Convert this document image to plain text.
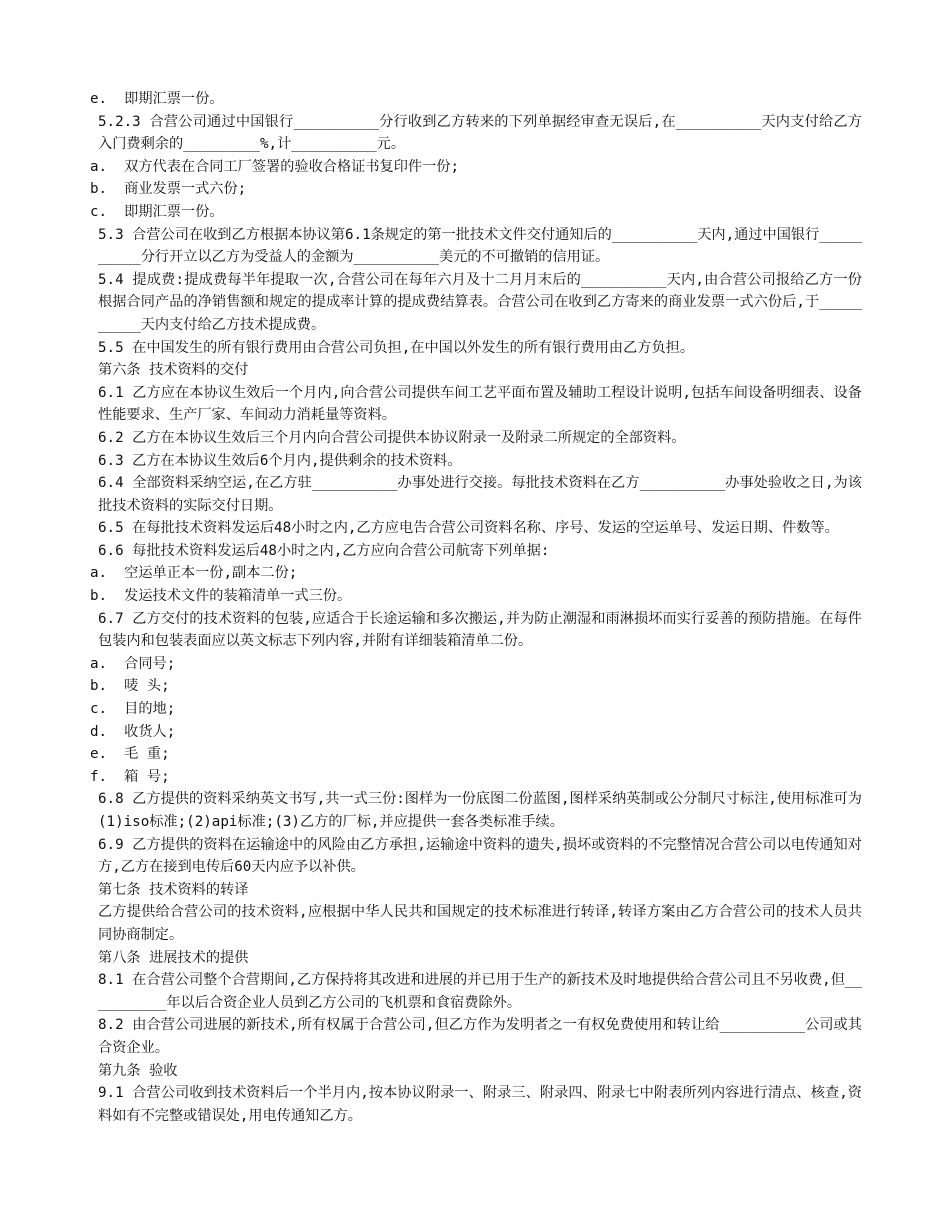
e.  即期汇票一份。

5.2.3 合营公司通过中国银行__________分行收到乙方转来的下列单据经审查无误后,在__________天内支付给乙方入门费剩余的_________%,计__________元。

a.  双方代表在合同工厂签署的验收合格证书复印件一份;

b.  商业发票一式六份;

c.  即期汇票一份。

5.3 合营公司在收到乙方根据本协议第6.1条规定的第一批技术文件交付通知后的__________天内,通过中国银行__________分行开立以乙方为受益人的金额为__________美元的不可撤销的信用证。

5.4 提成费:提成费每半年提取一次,合营公司在每年六月及十二月月末后的__________天内,由合营公司报给乙方一份根据合同产品的净销售额和规定的提成率计算的提成费结算表。合营公司在收到乙方寄来的商业发票一式六份后,于__________天内支付给乙方技术提成费。

5.5 在中国发生的所有银行费用由合营公司负担,在中国以外发生的所有银行费用由乙方负担。

第六条 技术资料的交付

6.1 乙方应在本协议生效后一个月内,向合营公司提供车间工艺平面布置及辅助工程设计说明,包括车间设备明细表、设备性能要求、生产厂家、车间动力消耗量等资料。

6.2 乙方在本协议生效后三个月内向合营公司提供本协议附录一及附录二所规定的全部资料。

6.3 乙方在本协议生效后6个月内,提供剩余的技术资料。

6.4 全部资料采纳空运,在乙方驻__________办事处进行交接。每批技术资料在乙方__________办事处验收之日,为该批技术资料的实际交付日期。

6.5 在每批技术资料发运后48小时之内,乙方应电告合营公司资料名称、序号、发运的空运单号、发运日期、件数等。

6.6 每批技术资料发运后48小时之内,乙方应向合营公司航寄下列单据:

a.  空运单正本一份,副本二份;

b.  发运技术文件的装箱清单一式三份。

6.7 乙方交付的技术资料的包装,应适合于长途运输和多次搬运,并为防止潮湿和雨淋损坏而实行妥善的预防措施。在每件包装内和包装表面应以英文标志下列内容,并附有详细装箱清单二份。

a.  合同号;

b.  唛 头;

c.  目的地;

d.  收货人;

e.  毛 重;

f.  箱 号;

6.8 乙方提供的资料采纳英文书写,共一式三份:图样为一份底图二份蓝图,图样采纳英制或公分制尺寸标注,使用标准可为(1)iso标准;(2)api标准;(3)乙方的厂标,并应提供一套各类标准手续。

6.9 乙方提供的资料在运输途中的风险由乙方承担,运输途中资料的遗失,损坏或资料的不完整情况合营公司以电传通知对方,乙方在接到电传后60天内应予以补供。

第七条 技术资料的转译

乙方提供给合营公司的技术资料,应根据中华人民共和国规定的技术标准进行转译,转译方案由乙方合营公司的技术人员共同协商制定。

第八条 进展技术的提供

8.1 在合营公司整个合营期间,乙方保持将其改进和进展的并已用于生产的新技术及时地提供给合营公司且不另收费,但__________年以后合资企业人员到乙方公司的飞机票和食宿费除外。

8.2 由合营公司进展的新技术,所有权属于合营公司,但乙方作为发明者之一有权免费使用和转让给__________公司或其合资企业。

第九条 验收

9.1 合营公司收到技术资料后一个半月内,按本协议附录一、附录三、附录四、附录七中附表所列内容进行清点、核查,资料如有不完整或错误处,用电传通知乙方。
